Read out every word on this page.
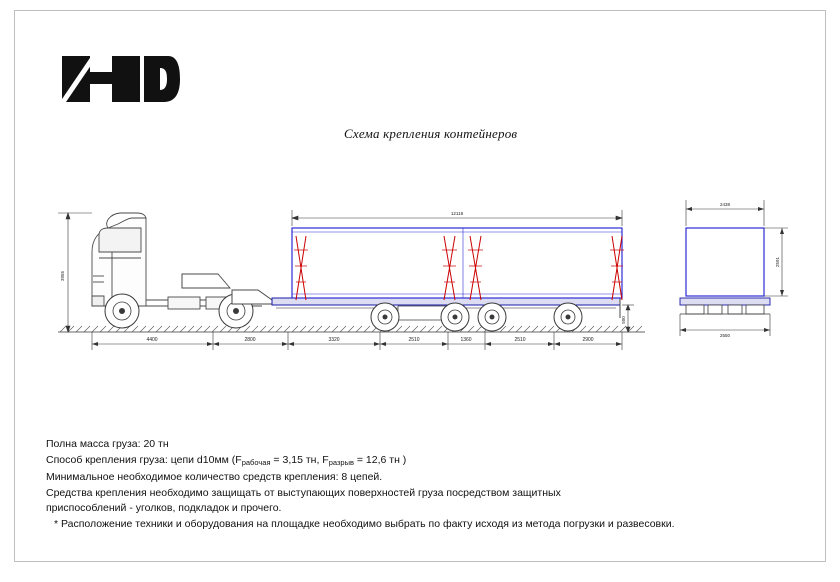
Схема крепления контейнеров
12118
3955
500
4400	2800	3320	2510	1360	2510	2900
2438
2591
2550
Полна масса груза: 20 тн
Способ крепления груза: цепи d10мм ($F_{рабочая} = 3,15$ тн, $F_{разрыв} = 12,6$ тн )
Минимальное необходимое количество средств крепления: 8 цепей.
Средства крепления необходимо защищать от выступающих поверхностей груза посредством защитных
приспособлений - уголков, подкладок и прочего.
* Расположение техники и оборудования на площадке необходимо выбрать по факту исходя из метода погрузки и развесовки.
